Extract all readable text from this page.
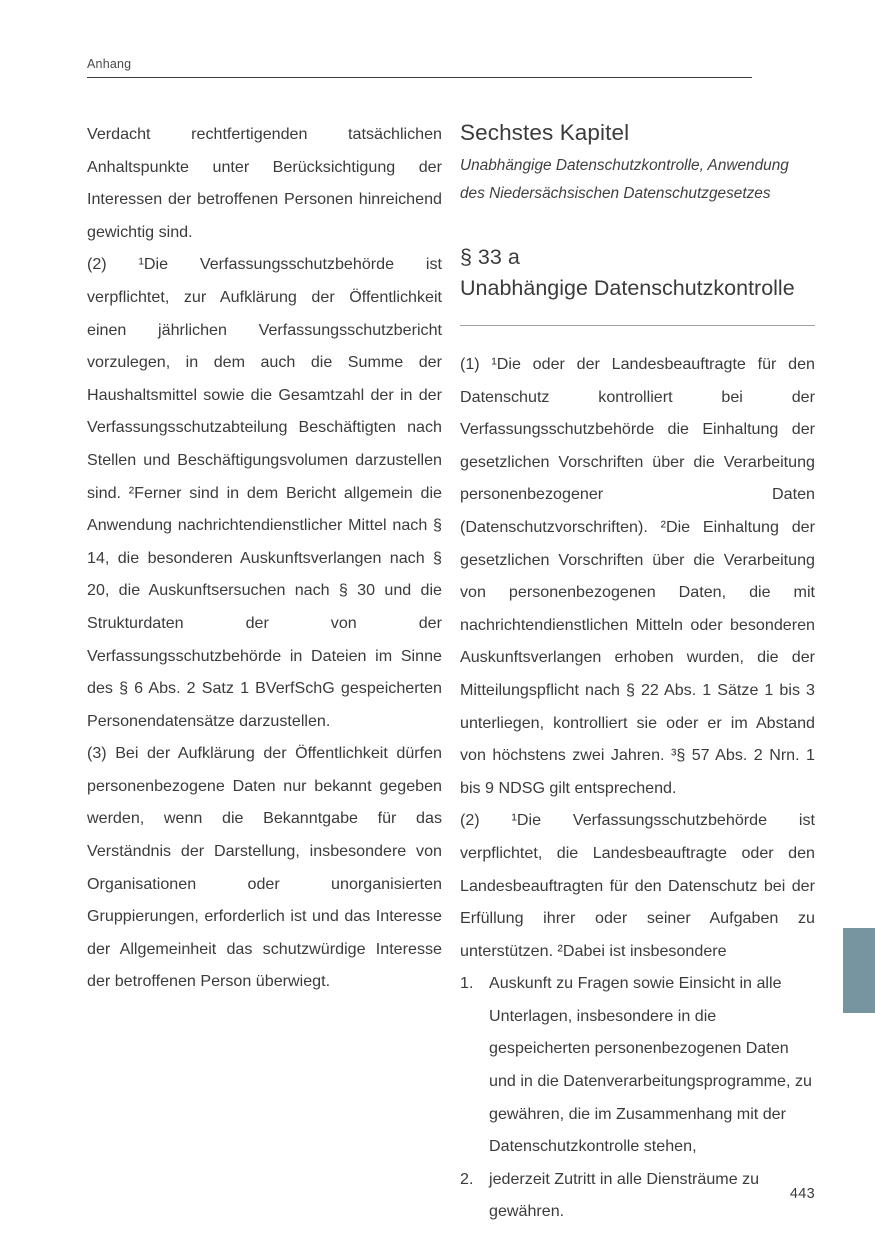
Anhang

Verdacht rechtfertigenden tatsächlichen Anhaltspunkte unter Berücksichtigung der Interessen der betroffenen Personen hinreichend gewichtig sind.

(2) ¹Die Verfassungsschutzbehörde ist verpflichtet, zur Aufklärung der Öffentlichkeit einen jährlichen Verfassungsschutzbericht vorzulegen, in dem auch die Summe der Haushaltsmittel sowie die Gesamtzahl der in der Verfassungsschutzabteilung Beschäftigten nach Stellen und Beschäftigungsvolumen darzustellen sind. ²Ferner sind in dem Bericht allgemein die Anwendung nachrichtendienstlicher Mittel nach § 14, die besonderen Auskunftsverlangen nach § 20, die Auskunftsersuchen nach § 30 und die Strukturdaten der von der Verfassungsschutzbehörde in Dateien im Sinne des § 6 Abs. 2 Satz 1 BVerfSchG gespeicherten Personendatensätze darzustellen.

(3) Bei der Aufklärung der Öffentlichkeit dürfen personenbezogene Daten nur bekannt gegeben werden, wenn die Bekanntgabe für das Verständnis der Darstellung, insbesondere von Organisationen oder unorganisierten Gruppierungen, erforderlich ist und das Interesse der Allgemeinheit das schutzwürdige Interesse der betroffenen Person überwiegt.

Sechstes Kapitel
Unabhängige Datenschutzkontrolle, Anwendung des Niedersächsischen Datenschutzgesetzes
§ 33 a
Unabhängige Datenschutzkontrolle

(1) ¹Die oder der Landesbeauftragte für den Datenschutz kontrolliert bei der Verfassungsschutzbehörde die Einhaltung der gesetzlichen Vorschriften über die Verarbeitung personenbezogener Daten (Datenschutzvorschriften). ²Die Einhaltung der gesetzlichen Vorschriften über die Verarbeitung von personenbezogenen Daten, die mit nachrichtendienstlichen Mitteln oder besonderen Auskunftsverlangen erhoben wurden, die der Mitteilungspflicht nach § 22 Abs. 1 Sätze 1 bis 3 unterliegen, kontrolliert sie oder er im Abstand von höchstens zwei Jahren. ³§ 57 Abs. 2 Nrn. 1 bis 9 NDSG gilt entsprechend.

(2) ¹Die Verfassungsschutzbehörde ist verpflichtet, die Landesbeauftragte oder den Landesbeauftragten für den Datenschutz bei der Erfüllung ihrer oder seiner Aufgaben zu unterstützen. ²Dabei ist insbesondere

1. Auskunft zu Fragen sowie Einsicht in alle Unterlagen, insbesondere in die gespeicherten personenbezogenen Daten und in die Datenverarbeitungsprogramme, zu gewähren, die im Zusammenhang mit der Datenschutzkontrolle stehen,
2. jederzeit Zutritt in alle Diensträume zu gewähren.
443
